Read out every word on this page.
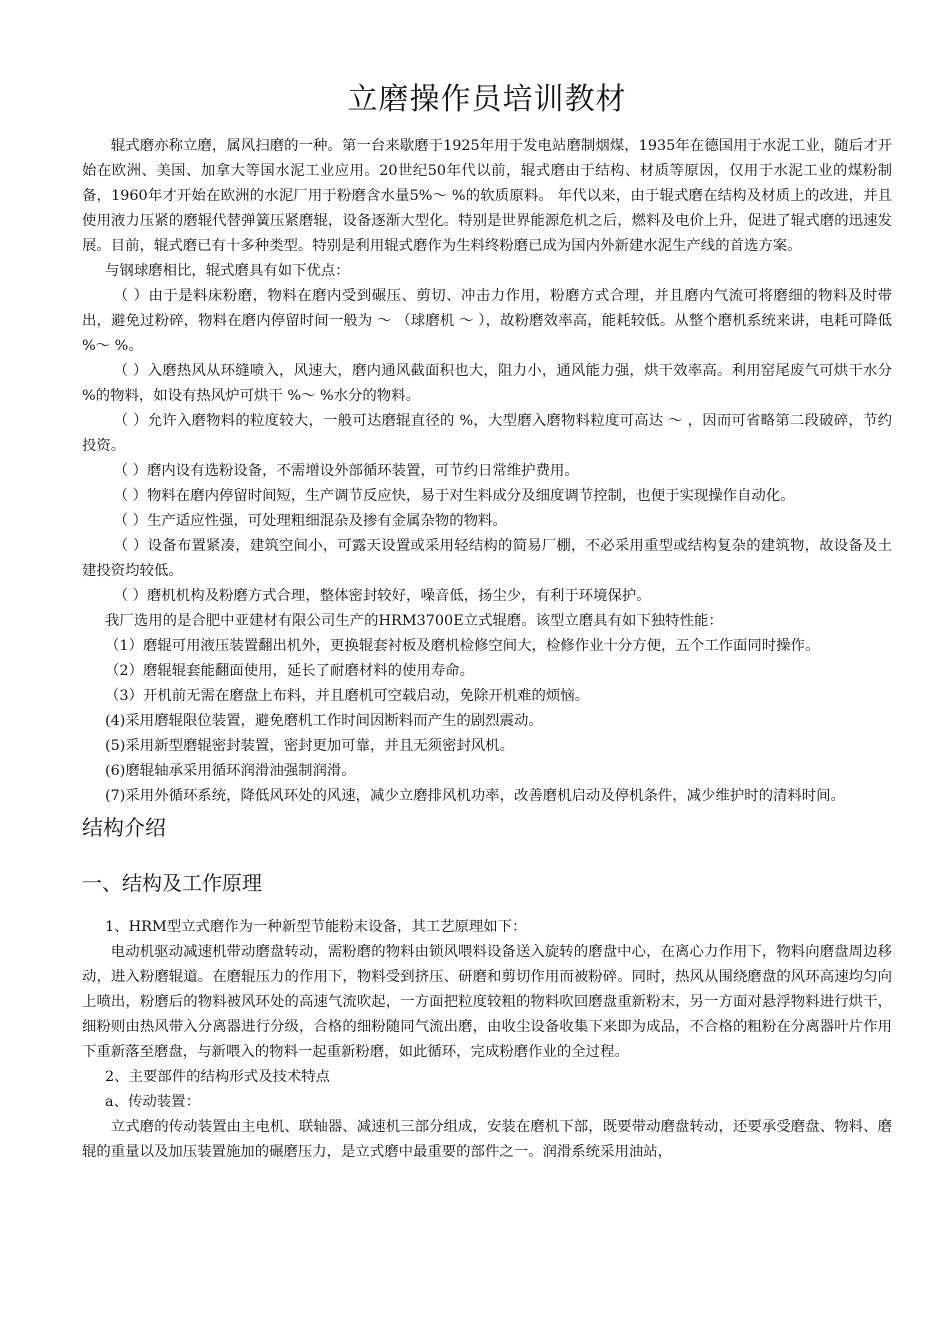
立磨操作员培训教材

辊式磨亦称立磨，属风扫磨的一种。第一台来歇磨于1925年用于发电站磨制烟煤，1935年在德国用于水泥工业，随后才开始在欧洲、美国、加拿大等国水泥工业应用。20世纪50年代以前，辊式磨由于结构、材质等原因，仅用于水泥工业的煤粉制备，1960年才开始在欧洲的水泥厂用于粉磨含水量5%～ %的软质原料。 年代以来，由于辊式磨在结构及材质上的改进，并且使用液力压紧的磨辊代替弹簧压紧磨辊，设备逐渐大型化。特别是世界能源危机之后，燃料及电价上升，促进了辊式磨的迅速发展。目前，辊式磨已有十多种类型。特别是利用辊式磨作为生料终粉磨已成为国内外新建水泥生产线的首选方案。

与钢球磨相比，辊式磨具有如下优点：

（ ）由于是料床粉磨，物料在磨内受到碾压、剪切、冲击力作用，粉磨方式合理，并且磨内气流可将磨细的物料及时带出，避免过粉碎，物料在磨内停留时间一般为 ～ （球磨机 ～ ），故粉磨效率高，能耗较低。从整个磨机系统来讲，电耗可降低 %～ %。

（ ）入磨热风从环缝喷入，风速大，磨内通风截面积也大，阻力小，通风能力强，烘干效率高。利用窑尾废气可烘干水分 %的物料，如设有热风炉可烘干 %～ %水分的物料。

（ ）允许入磨物料的粒度较大，一般可达磨辊直径的 %，大型磨入磨物料粒度可高达 ～ ，因而可省略第二段破碎，节约投资。

（ ）磨内设有选粉设备，不需增设外部循环装置，可节约日常维护费用。

（ ）物料在磨内停留时间短，生产调节反应快，易于对生料成分及细度调节控制，也便于实现操作自动化。

（ ）生产适应性强，可处理粗细混杂及掺有金属杂物的物料。

（ ）设备布置紧凑，建筑空间小，可露天设置或采用轻结构的简易厂棚，不必采用重型或结构复杂的建筑物，故设备及土建投资均较低。

（ ）磨机机构及粉磨方式合理，整体密封较好，噪音低，扬尘少，有利于环境保护。

我厂选用的是合肥中亚建材有限公司生产的HRM3700E立式辊磨。该型立磨具有如下独特性能：

（1）磨辊可用液压装置翻出机外，更换辊套衬板及磨机检修空间大，检修作业十分方便，五个工作面同时操作。

（2）磨辊辊套能翻面使用，延长了耐磨材料的使用寿命。

（3）开机前无需在磨盘上布料，并且磨机可空载启动，免除开机难的烦恼。

(4)采用磨辊限位装置，避免磨机工作时间因断料而产生的剧烈震动。

(5)采用新型磨辊密封装置，密封更加可靠，并且无须密封风机。

(6)磨辊轴承采用循环润滑油强制润滑。

(7)采用外循环系统，降低风环处的风速，减少立磨排风机功率，改善磨机启动及停机条件，减少维护时的清料时间。

结构介绍
一、结构及工作原理

1、HRM型立式磨作为一种新型节能粉末设备，其工艺原理如下：

电动机驱动减速机带动磨盘转动，需粉磨的物料由锁风喂料设备送入旋转的磨盘中心，在离心力作用下，物料向磨盘周边移动，进入粉磨辊道。在磨辊压力的作用下，物料受到挤压、研磨和剪切作用而被粉碎。同时，热风从围绕磨盘的风环高速均匀向上喷出，粉磨后的物料被风环处的高速气流吹起，一方面把粒度较粗的物料吹回磨盘重新粉末，另一方面对悬浮物料进行烘干，细粉则由热风带入分离器进行分级，合格的细粉随同气流出磨，由收尘设备收集下来即为成品，不合格的粗粉在分离器叶片作用下重新落至磨盘，与新喂入的物料一起重新粉磨，如此循环，完成粉磨作业的全过程。

2、主要部件的结构形式及技术特点

a、传动装置：

立式磨的传动装置由主电机、联轴器、减速机三部分组成，安装在磨机下部，既要带动磨盘转动，还要承受磨盘、物料、磨辊的重量以及加压装置施加的碾磨压力，是立式磨中最重要的部件之一。润滑系统采用油站，
